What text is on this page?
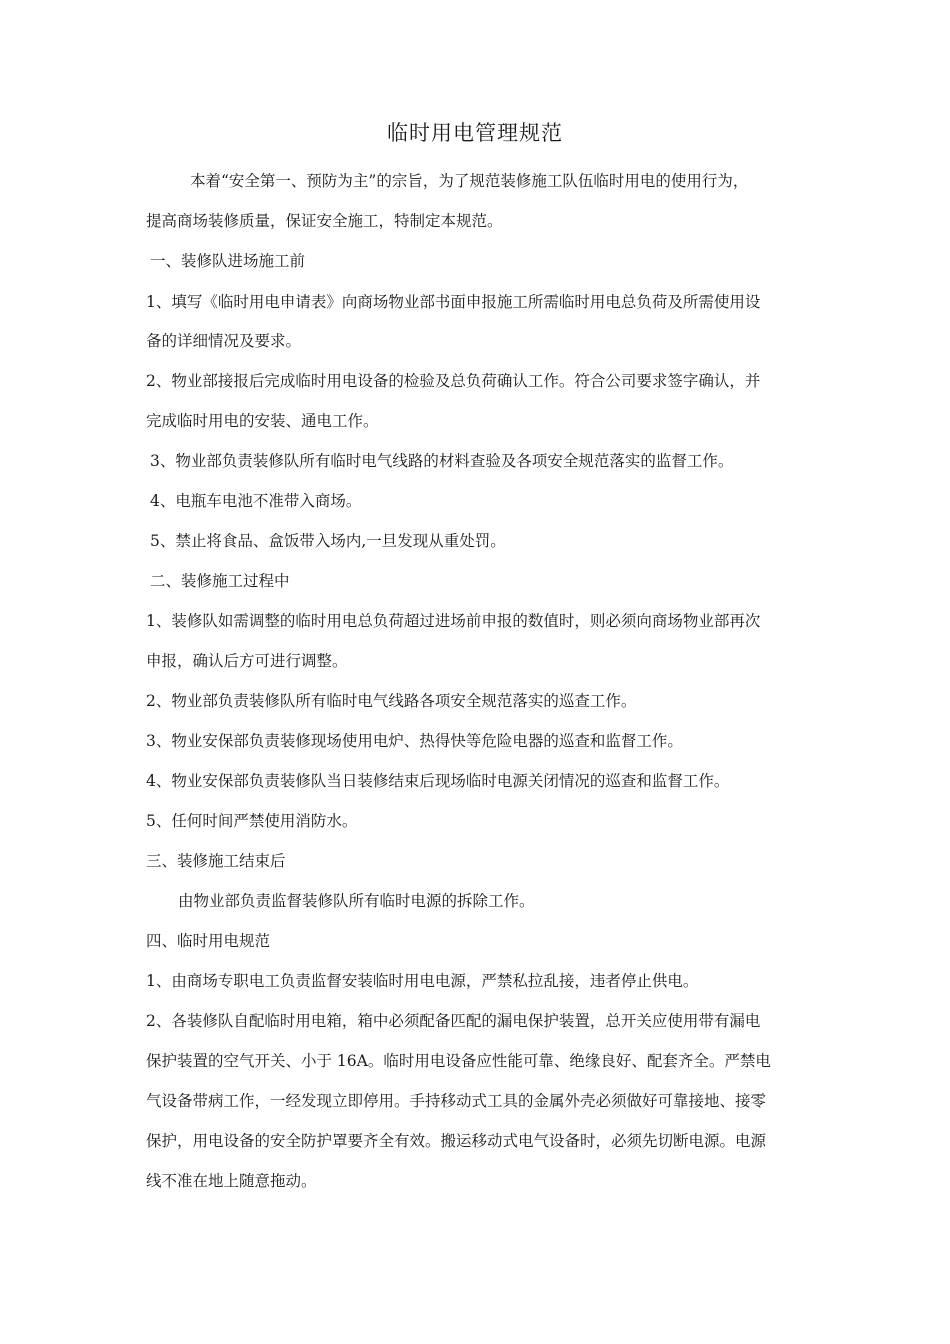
临时用电管理规范
本着“安全第一、预防为主”的宗旨，为了规范装修施工队伍临时用电的使用行为，
提高商场装修质量，保证安全施工，特制定本规范。
一、装修队进场施工前
1、填写《临时用电申请表》向商场物业部书面申报施工所需临时用电总负荷及所需使用设
备的详细情况及要求。
2、物业部接报后完成临时用电设备的检验及总负荷确认工作。符合公司要求签字确认，并
完成临时用电的安装、通电工作。
3、物业部负责装修队所有临时电气线路的材料查验及各项安全规范落实的监督工作。
4、电瓶车电池不准带入商场。
5、禁止将食品、盒饭带入场内,一旦发现从重处罚。
二、装修施工过程中
1、装修队如需调整的临时用电总负荷超过进场前申报的数值时，则必须向商场物业部再次
申报，确认后方可进行调整。
2、物业部负责装修队所有临时电气线路各项安全规范落实的巡查工作。
3、物业安保部负责装修现场使用电炉、热得快等危险电器的巡查和监督工作。
4、物业安保部负责装修队当日装修结束后现场临时电源关闭情况的巡查和监督工作。
5、任何时间严禁使用消防水。
三、装修施工结束后
由物业部负责监督装修队所有临时电源的拆除工作。
四、临时用电规范
1、由商场专职电工负责监督安装临时用电电源，严禁私拉乱接，违者停止供电。
2、各装修队自配临时用电箱，箱中必须配备匹配的漏电保护装置，总开关应使用带有漏电
保护装置的空气开关、小于 16A。临时用电设备应性能可靠、绝缘良好、配套齐全。严禁电
气设备带病工作，一经发现立即停用。手持移动式工具的金属外壳必须做好可靠接地、接零
保护，用电设备的安全防护罩要齐全有效。搬运移动式电气设备时，必须先切断电源。电源
线不准在地上随意拖动。
